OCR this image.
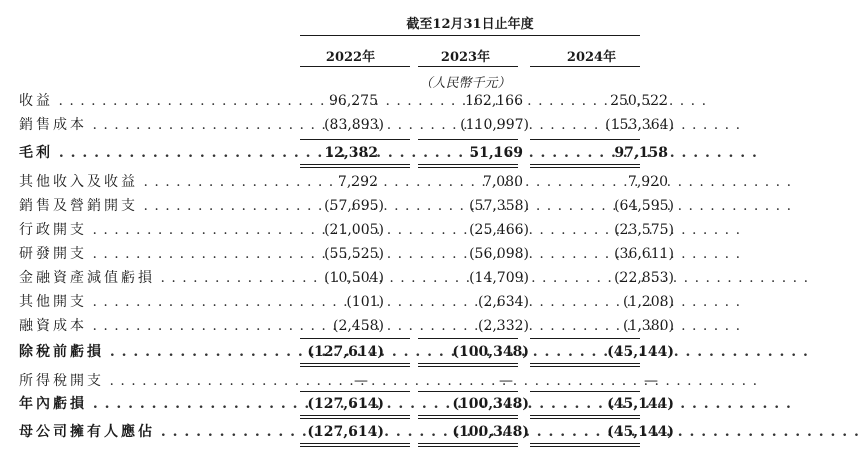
截至12月31日止年度
2022年	2023年	2024年
（人民幣千元）
收益 . . .	96,275	162,166	250,522
銷售成本 . . .	(83,893)	(110,997)	(153,364)
毛利 . . .	12,382	51,169	97,158
其他收入及收益 . . .	7,292	7,080	7,920
銷售及營銷開支 . . .	(57,695)	(57,358)	(64,595)
行政開支 . . .	(21,005)	(25,466)	(23,575)
研發開支 . . .	(55,525)	(56,098)	(36,611)
金融資產減值虧損 . . .	(10,504)	(14,709)	(22,853)
其他開支 . . .	(101)	(2,634)	(1,208)
融資成本 . . .	(2,458)	(2,332)	(1,380)
除稅前虧損 . . .	(127,614)	(100,348)	(45,144)
所得稅開支 . . .	—	—	—
年內虧損 . . .	(127,614)	(100,348)	(45,144)
母公司擁有人應佔 . . .	(127,614)	(100,348)	(45,144)
